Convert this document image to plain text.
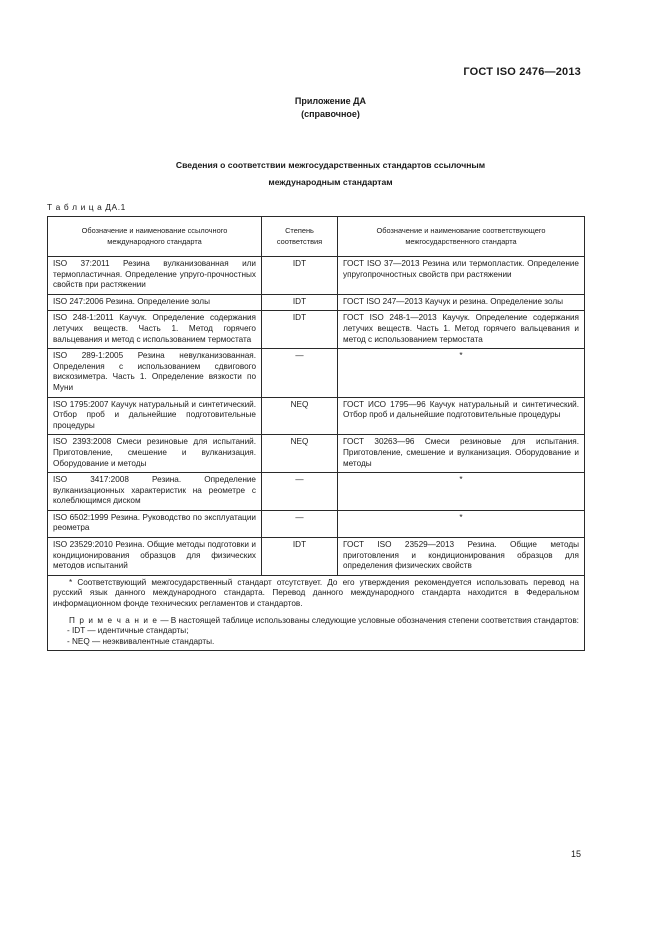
ГОСТ ISO 2476—2013
Приложение ДА
(справочное)
Сведения о соответствии межгосударственных стандартов ссылочным
международным стандартам
Т а б л и ц а ДА.1
Обозначение и наименование ссылочного международного стандарта	Степень соответствия	Обозначение и наименование соответствующего межгосударственного стандарта
ISO 37:2011 Резина вулканизованная или термопластичная. Определение упруго-прочностных свойств при растяжении	IDT	ГОСТ ISO 37—2013 Резина или термопластик. Определение упругопрочностных свойств при растяжении
ISO 247:2006 Резина. Определение золы	IDT	ГОСТ ISO 247—2013 Каучук и резина. Определение золы
ISO 248-1:2011 Каучук. Определение содержания летучих веществ. Часть 1. Метод горячего вальцевания и метод с использованием термостата	IDT	ГОСТ ISO 248-1—2013 Каучук. Определение содержания летучих веществ. Часть 1. Метод горячего вальцевания и метод с использованием термостата
ISO 289-1:2005 Резина невулканизованная. Определения с использованием сдвигового вискозиметра. Часть 1. Определение вязкости по Муни	—	*
ISO 1795:2007 Каучук натуральный и синтетический. Отбор проб и дальнейшие подготовительные процедуры	NEQ	ГОСТ ИСО 1795—96 Каучук натуральный и синтетический. Отбор проб и дальнейшие подготовительные процедуры
ISO 2393:2008 Смеси резиновые для испытаний. Приготовление, смешение и вулканизация. Оборудование и методы	NEQ	ГОСТ 30263—96 Смеси резиновые для испытания. Приготовление, смешение и вулканизация. Оборудование и методы
ISO 3417:2008 Резина. Определение вулканизационных характеристик на реометре с колеблющимся диском	—	*
ISO 6502:1999 Резина. Руководство по эксплуатации реометра	—	*
ISO 23529:2010 Резина. Общие методы подготовки и кондиционирования образцов для физических методов испытаний	IDT	ГОСТ ISO 23529—2013 Резина. Общие методы приготовления и кондиционирования образцов для определения физических свойств

* Соответствующий межгосударственный стандарт отсутствует. До его утверждения рекомендуется использовать перевод на русский язык данного международного стандарта. Перевод данного международного стандарта находится в Федеральном информационном фонде технических регламентов и стандартов.

П р и м е ч а н и е — В настоящей таблице использованы следующие условные обозначения степени соответствия стандартов:

- IDT — идентичные стандарты;

- NEQ — неэквивалентные стандарты.		

15
